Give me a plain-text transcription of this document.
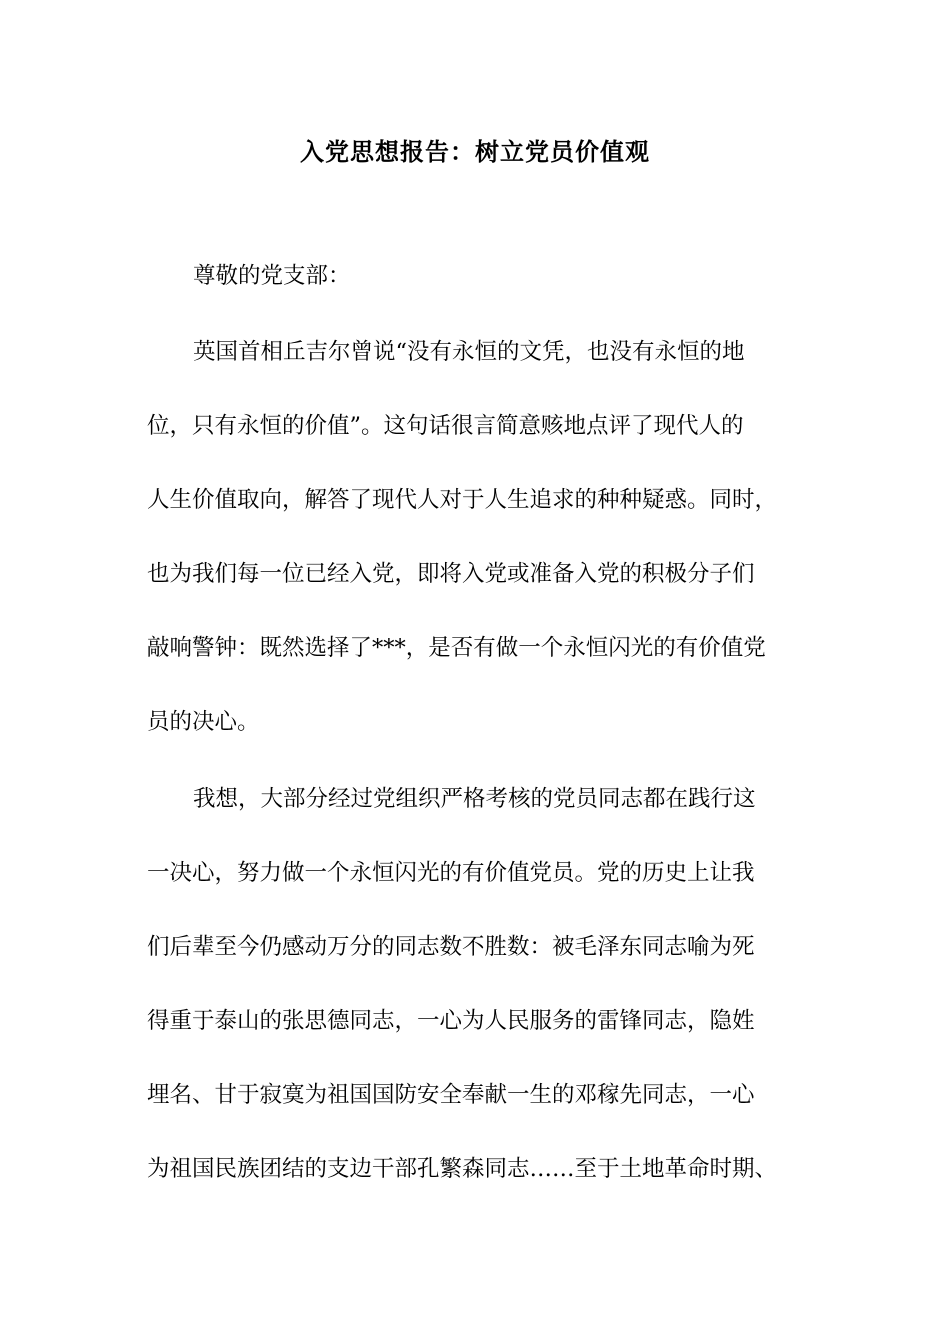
入党思想报告：树立党员价值观
尊敬的党支部：
英国首相丘吉尔曾说“没有永恒的文凭，也没有永恒的地
位，只有永恒的价值”。这句话很言简意赅地点评了现代人的
人生价值取向，解答了现代人对于人生追求的种种疑惑。同时，
也为我们每一位已经入党，即将入党或准备入党的积极分子们
敲响警钟：既然选择了***，是否有做一个永恒闪光的有价值党
员的决心。
我想，大部分经过党组织严格考核的党员同志都在践行这
一决心，努力做一个永恒闪光的有价值党员。党的历史上让我
们后辈至今仍感动万分的同志数不胜数：被毛泽东同志喻为死
得重于泰山的张思德同志，一心为人民服务的雷锋同志，隐姓
埋名、甘于寂寞为祖国国防安全奉献一生的邓稼先同志，一心
为祖国民族团结的支边干部孔繁森同志……至于土地革命时期、
